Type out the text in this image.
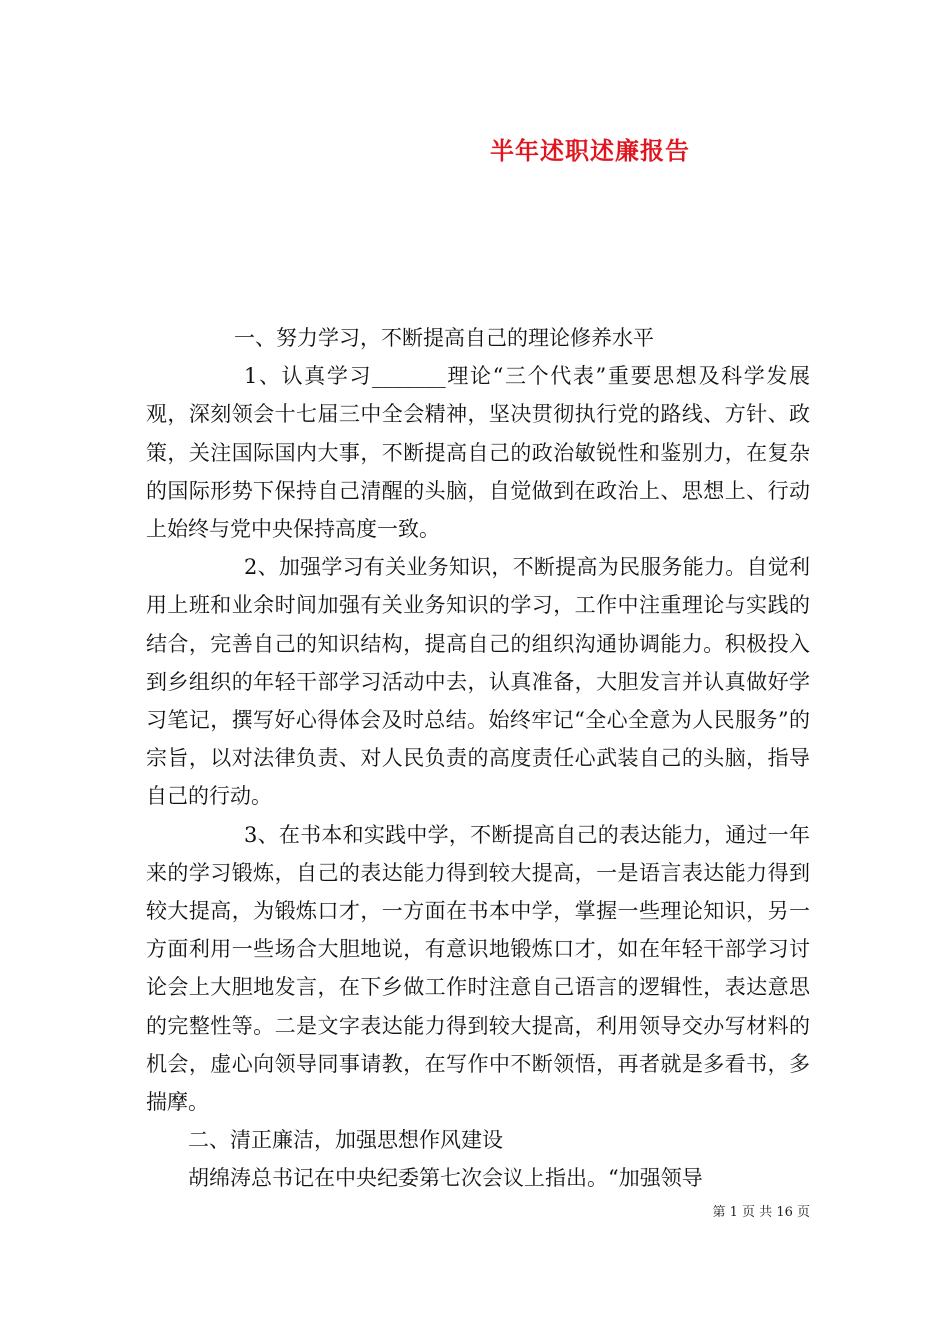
半年述职述廉报告

一、努力学习，不断提高自己的理论修养水平

1、认真学习_______理论“三个代表”重要思想及科学发展观，深刻领会十七届三中全会精神，坚决贯彻执行党的路线、方针、政策，关注国际国内大事，不断提高自己的政治敏锐性和鉴别力，在复杂的国际形势下保持自己清醒的头脑，自觉做到在政治上、思想上、行动上始终与党中央保持高度一致。

2、加强学习有关业务知识，不断提高为民服务能力。自觉利用上班和业余时间加强有关业务知识的学习，工作中注重理论与实践的结合，完善自己的知识结构，提高自己的组织沟通协调能力。积极投入到乡组织的年轻干部学习活动中去，认真准备，大胆发言并认真做好学习笔记，撰写好心得体会及时总结。始终牢记“全心全意为人民服务”的宗旨，以对法律负责、对人民负责的高度责任心武装自己的头脑，指导自己的行动。

3、在书本和实践中学，不断提高自己的表达能力，通过一年来的学习锻炼，自己的表达能力得到较大提高，一是语言表达能力得到较大提高，为锻炼口才，一方面在书本中学，掌握一些理论知识，另一方面利用一些场合大胆地说，有意识地锻炼口才，如在年轻干部学习讨论会上大胆地发言，在下乡做工作时注意自己语言的逻辑性，表达意思的完整性等。二是文字表达能力得到较大提高，利用领导交办写材料的机会，虚心向领导同事请教，在写作中不断领悟，再者就是多看书，多揣摩。

二、清正廉洁，加强思想作风建设

胡绵涛总书记在中央纪委第七次会议上指出。“加强领导

第 1 页 共 16 页
